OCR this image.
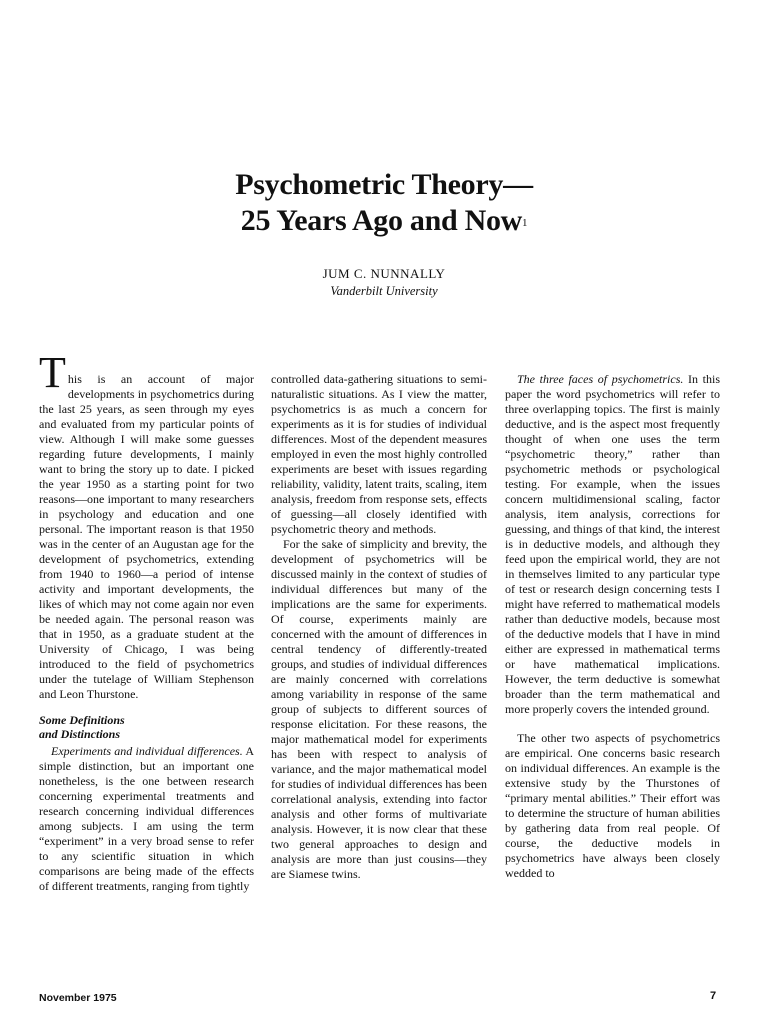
Psychometric Theory—
25 Years Ago and Now$^1$
JUM C. NUNNALLY
Vanderbilt University

This is an account of major developments in psychometrics during the last 25 years, as seen through my eyes and evaluated from my particular points of view. Although I will make some guesses regarding future developments, I mainly want to bring the story up to date. I picked the year 1950 as a starting point for two reasons—one important to many researchers in psychology and education and one personal. The important reason is that 1950 was in the center of an Augustan age for the development of psychometrics, extending from 1940 to 1960—a period of intense activity and important developments, the likes of which may not come again nor even be needed again. The personal reason was that in 1950, as a graduate student at the University of Chicago, I was being introduced to the field of psychometrics under the tutelage of William Stephenson and Leon Thurstone.

Some Definitions
and Distinctions

Experiments and individual differences. A simple distinction, but an important one nonetheless, is the one between research concerning experimental treatments and research concerning individual differences among subjects. I am using the term “experiment” in a very broad sense to refer to any scientific situation in which comparisons are being made of the effects of different treatments, ranging from tightly

controlled data-gathering situations to semi-naturalistic situations. As I view the matter, psychometrics is as much a concern for experiments as it is for studies of individual differences. Most of the dependent measures employed in even the most highly controlled experiments are beset with issues regarding reliability, validity, latent traits, scaling, item analysis, freedom from response sets, effects of guessing—all closely identified with psychometric theory and methods.

For the sake of simplicity and brevity, the development of psychometrics will be discussed mainly in the context of studies of individual differences but many of the implications are the same for experiments. Of course, experiments mainly are concerned with the amount of differences in central tendency of differently-treated groups, and studies of individual differences are mainly concerned with correlations among variability in response of the same group of subjects to different sources of response elicitation. For these reasons, the major mathematical model for experiments has been with respect to analysis of variance, and the major mathematical model for studies of individual differences has been correlational analysis, extending into factor analysis and other forms of multivariate analysis. However, it is now clear that these two general approaches to design and analysis are more than just cousins—they are Siamese twins.

The three faces of psychometrics. In this paper the word psychometrics will refer to three overlapping topics. The first is mainly deductive, and is the aspect most frequently thought of when one uses the term “psychometric theory,” rather than psychometric methods or psychological testing. For example, when the issues concern multidimensional scaling, factor analysis, item analysis, corrections for guessing, and things of that kind, the interest is in deductive models, and although they feed upon the empirical world, they are not in themselves limited to any particular type of test or research design concerning tests I might have referred to mathematical models rather than deductive models, because most of the deductive models that I have in mind either are expressed in mathematical terms or have mathematical implications. However, the term deductive is somewhat broader than the term mathematical and more properly covers the intended ground.

The other two aspects of psychometrics are empirical. One concerns basic research on individual differences. An example is the extensive study by the Thurstones of “primary mental abilities.” Their effort was to determine the structure of human abilities by gathering data from real people. Of course, the deductive models in psychometrics have always been closely wedded to

November 1975	7
